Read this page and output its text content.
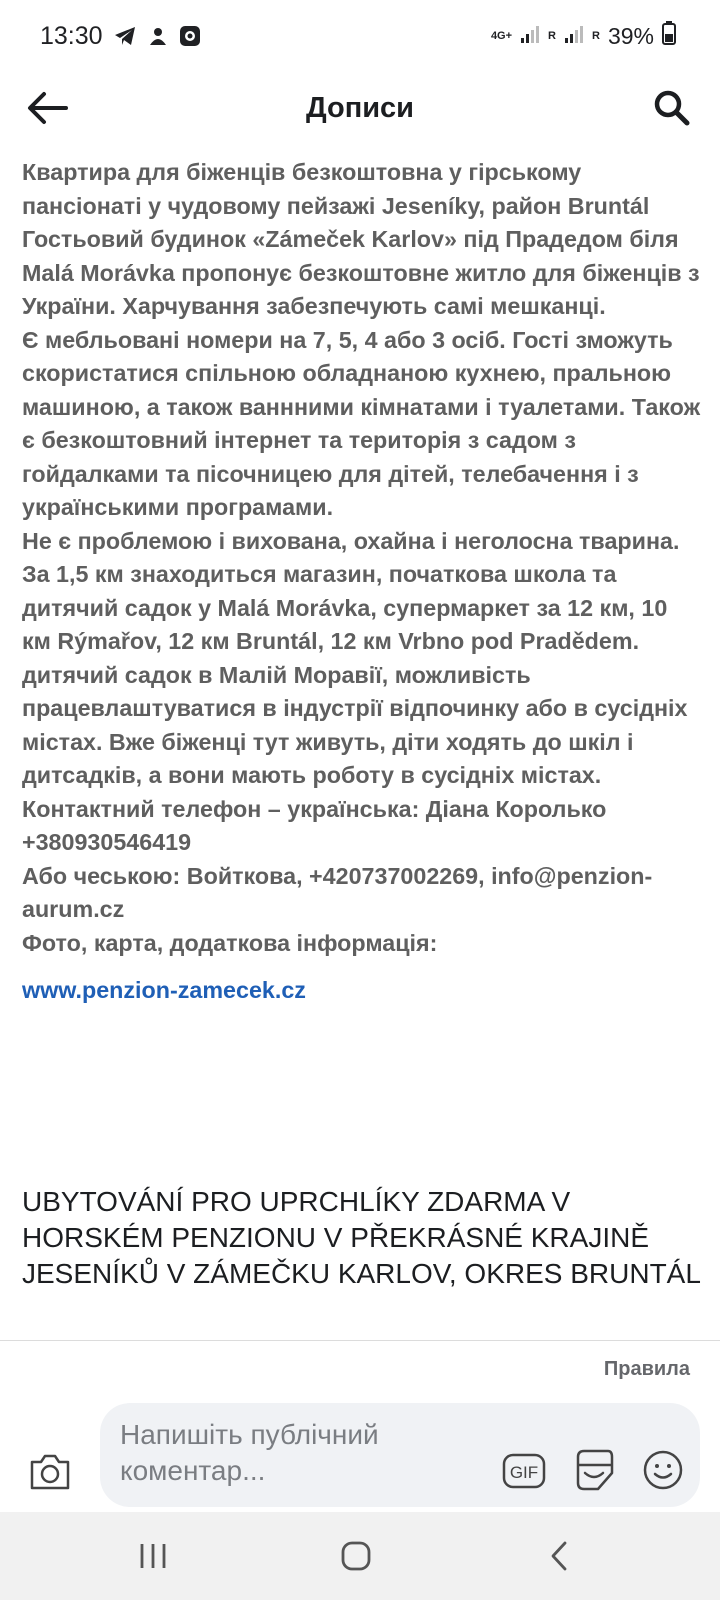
13:30	4G+	R	R 39%
Дописи

Квартира для біженців безкоштовна у гірському пансіонаті у чудовому пейзажі Jeseníky, район Bruntál Гостьовий будинок «Zámeček Karlov» під Прадедом біля Malá Morávka пропонує безкоштовне житло для біженців з України. Харчування забезпечують самі мешканці.

Є мебльовані номери на 7, 5, 4 або 3 осіб. Гості зможуть скористатися спільною обладнаною кухнею, пральною машиною, а також ваннними кімнатами і туалетами. Також є безкоштовний інтернет та територія з садом з гойдалками та пісочницею для дітей, телебачення і з українськими програмами.

Не є проблемою і вихована, охайна і неголосна тварина.

За 1,5 км знаходиться магазин, початкова школа та дитячий садок у Malá Morávka, супермаркет за 12 км, 10 км Rýmařov, 12 км Bruntál, 12 км Vrbno pod Pradědem.

дитячий садок в Малій Моравії, можливість працевлаштуватися в індустрії відпочинку або в сусідніх містах. Вже біженці тут живуть, діти ходять до шкіл і дитсадків, а вони мають роботу в сусідніх містах.

Контактний телефон – українська: Діана Королько +380930546419

Або чеською: Войткова, +420737002269, info@penzion-aurum.cz

Фото, карта, додаткова інформація:

www.penzion-zamecek.cz
UBYTOVÁNÍ PRO UPRCHLÍKY ZDARMA V HORSKÉM PENZIONU V PŘEKRÁSNÉ KRAJINĚ JESENÍKŮ V ZÁMEČKU KARLOV, OKRES BRUNTÁL
Правила
Напишіть публічний коментар...	GIF
